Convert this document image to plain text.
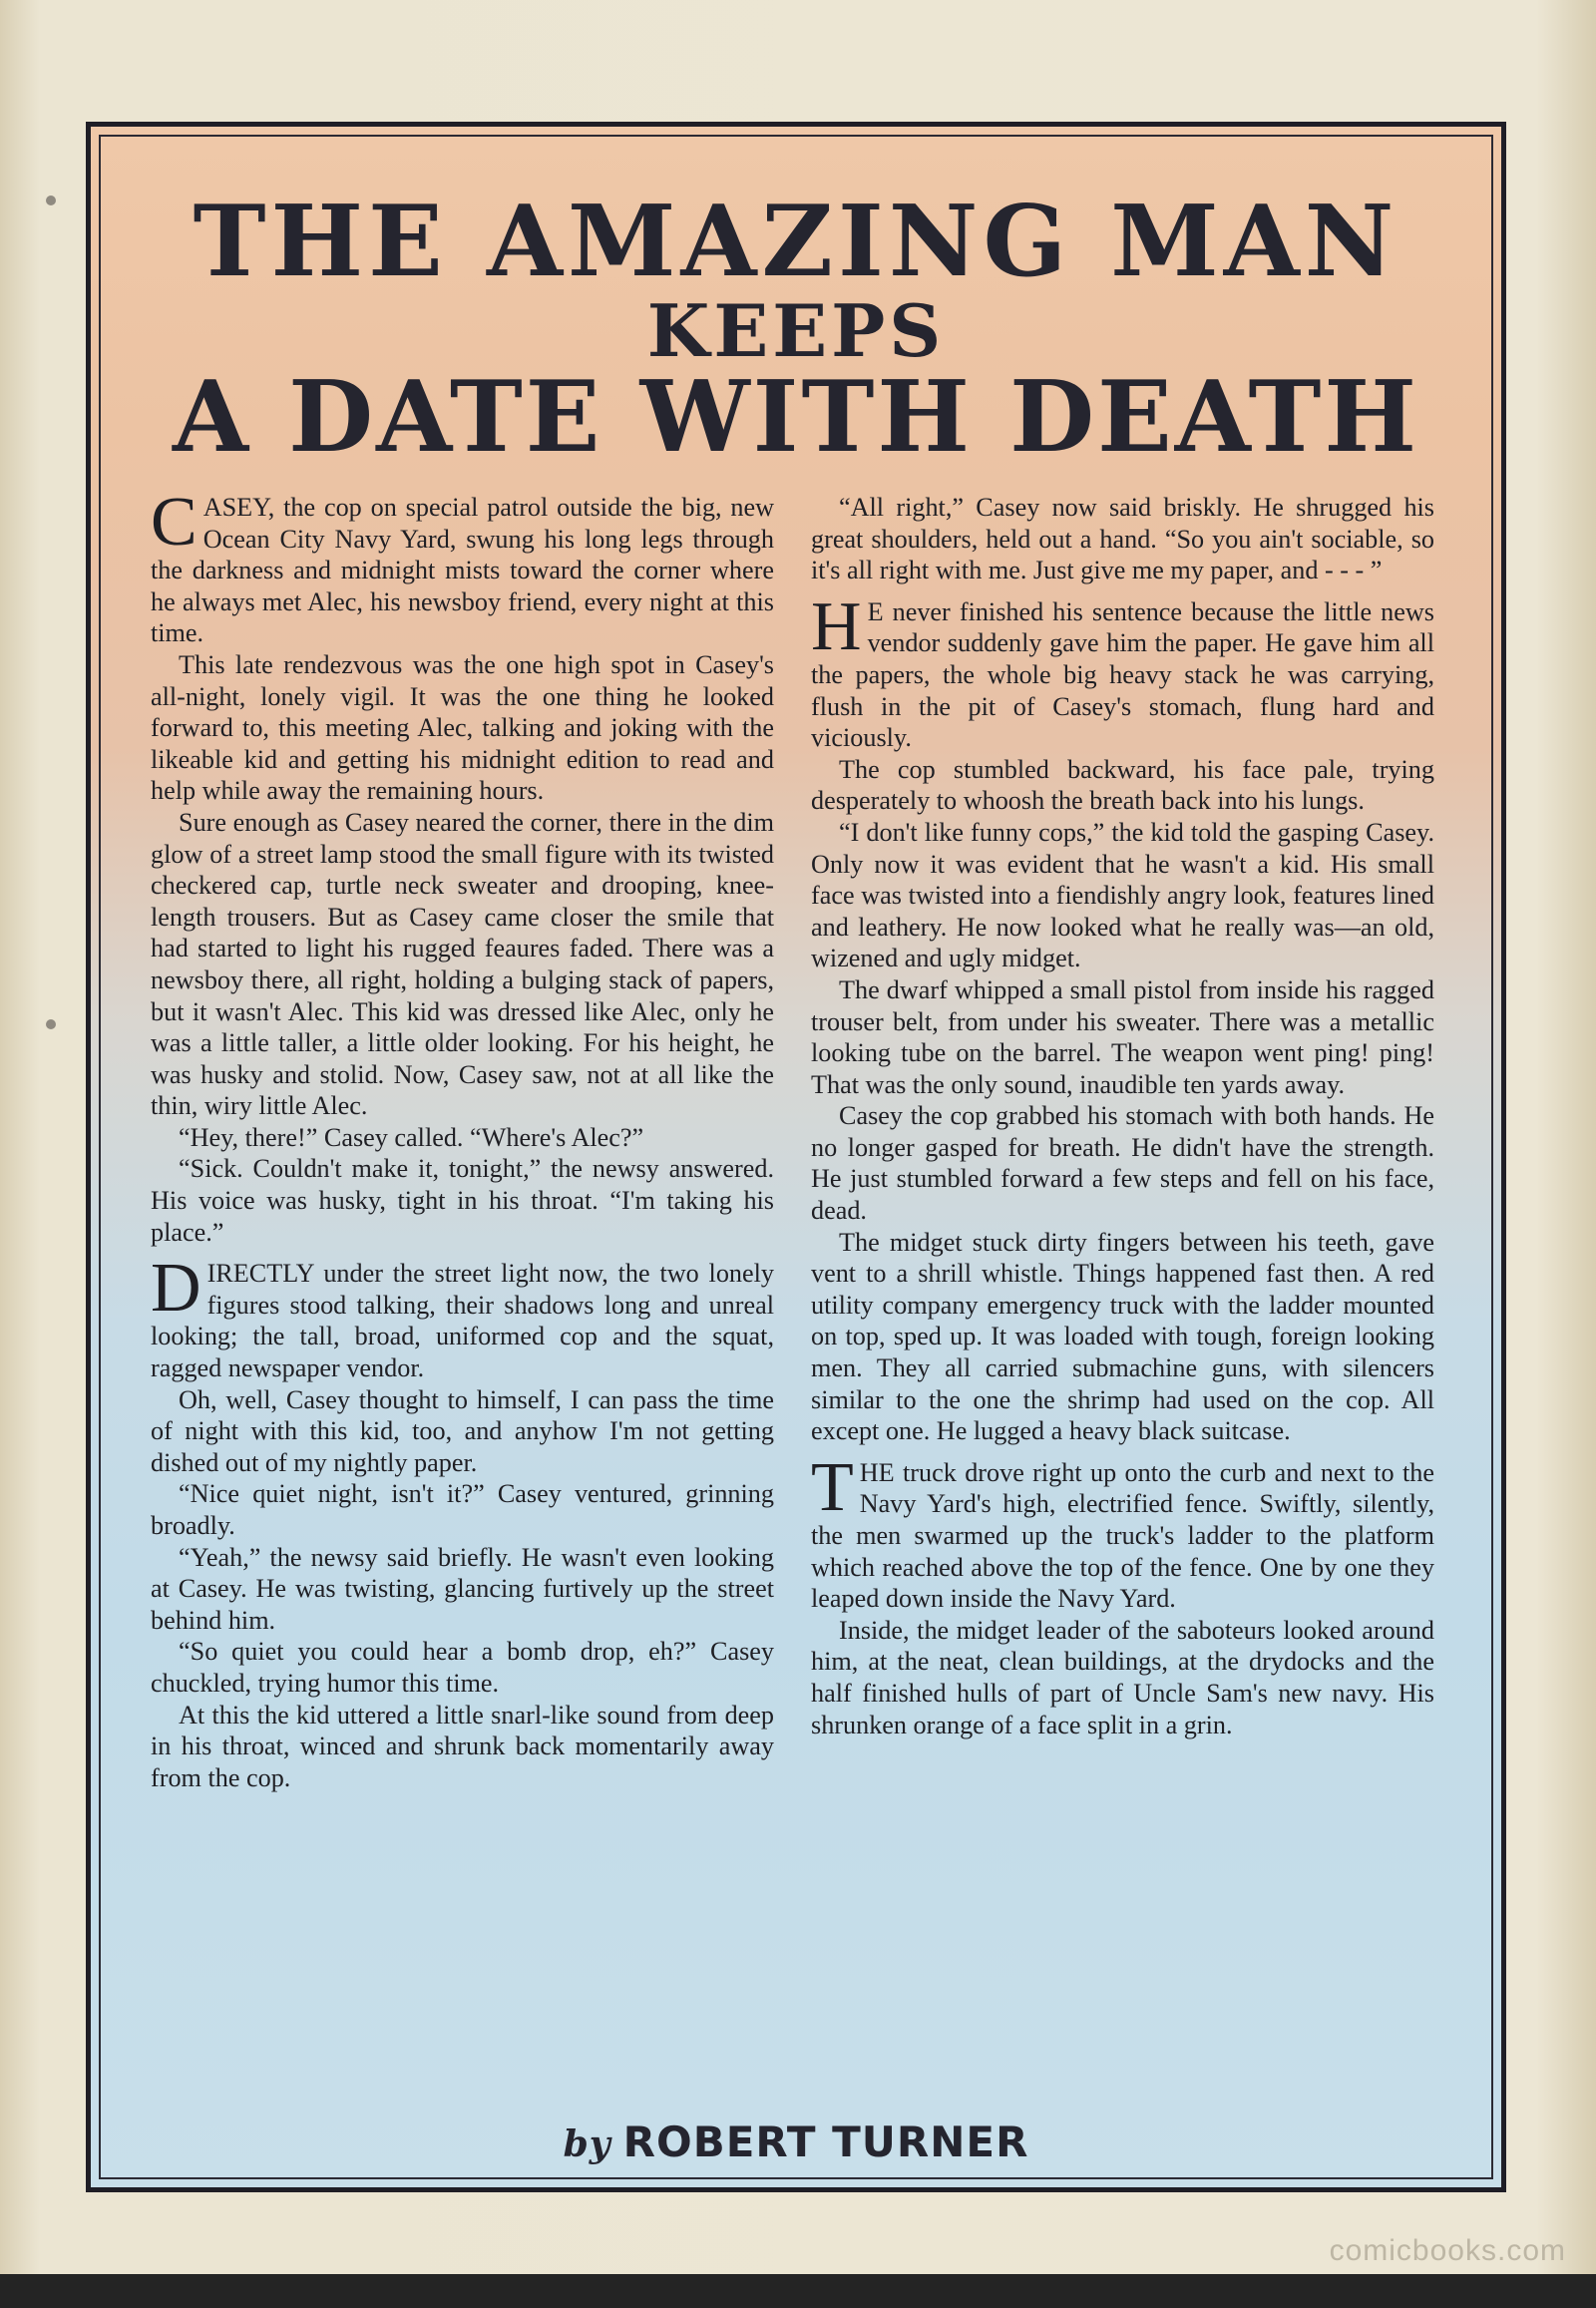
THE AMAZING MAN
KEEPS
A DATE WITH DEATH

CASEY, the cop on special patrol outside the big, new Ocean City Navy Yard, swung his long legs through the darkness and midnight mists toward the corner where he always met Alec, his newsboy friend, every night at this time.

This late rendezvous was the one high spot in Casey's all-night, lonely vigil. It was the one thing he looked forward to, this meeting Alec, talking and joking with the likeable kid and getting his midnight edition to read and help while away the remaining hours.

Sure enough as Casey neared the corner, there in the dim glow of a street lamp stood the small figure with its twisted checkered cap, turtle neck sweater and drooping, knee-length trousers. But as Casey came closer the smile that had started to light his rugged feaures faded. There was a newsboy there, all right, holding a bulging stack of papers, but it wasn't Alec. This kid was dressed like Alec, only he was a little taller, a little older looking. For his height, he was husky and stolid. Now, Casey saw, not at all like the thin, wiry little Alec.

“Hey, there!” Casey called. “Where's Alec?”

“Sick. Couldn't make it, tonight,” the newsy answered. His voice was husky, tight in his throat. “I'm taking his place.”

DIRECTLY under the street light now, the two lonely figures stood talking, their shadows long and unreal looking; the tall, broad, uniformed cop and the squat, ragged newspaper vendor.

Oh, well, Casey thought to himself, I can pass the time of night with this kid, too, and anyhow I'm not getting dished out of my nightly paper.

“Nice quiet night, isn't it?” Casey ventured, grinning broadly.

“Yeah,” the newsy said briefly. He wasn't even looking at Casey. He was twisting, glancing furtively up the street behind him.

“So quiet you could hear a bomb drop, eh?” Casey chuckled, trying humor this time.

At this the kid uttered a little snarl-like sound from deep in his throat, winced and shrunk back momentarily away from the cop.

“All right,” Casey now said briskly. He shrugged his great shoulders, held out a hand. “So you ain't sociable, so it's all right with me. Just give me my paper, and - - - ”

H E never finished his sentence because the little news vendor suddenly gave him the paper. He gave him all the papers, the whole big heavy stack he was carrying, flush in the pit of Casey's stomach, flung hard and viciously.

The cop stumbled backward, his face pale, trying desperately to whoosh the breath back into his lungs.

“I don't like funny cops,” the kid told the gasping Casey. Only now it was evident that he wasn't a kid. His small face was twisted into a fiendishly angry look, features lined and leathery. He now looked what he really was—an old, wizened and ugly midget.

The dwarf whipped a small pistol from inside his ragged trouser belt, from under his sweater. There was a metallic looking tube on the barrel. The weapon went ping! ping! That was the only sound, inaudible ten yards away.

Casey the cop grabbed his stomach with both hands. He no longer gasped for breath. He didn't have the strength. He just stumbled forward a few steps and fell on his face, dead.

The midget stuck dirty fingers between his teeth, gave vent to a shrill whistle. Things happened fast then. A red utility company emergency truck with the ladder mounted on top, sped up. It was loaded with tough, foreign looking men. They all carried submachine guns, with silencers similar to the one the shrimp had used on the cop. All except one. He lugged a heavy black suitcase.

THE truck drove right up onto the curb and next to the Navy Yard's high, electrified fence. Swiftly, silently, the men swarmed up the truck's ladder to the platform which reached above the top of the fence. One by one they leaped down inside the Navy Yard.

Inside, the midget leader of the saboteurs looked around him, at the neat, clean buildings, at the drydocks and the half finished hulls of part of Uncle Sam's new navy. His shrunken orange of a face split in a grin.

by ROBERT TURNER
comicbooks.com
